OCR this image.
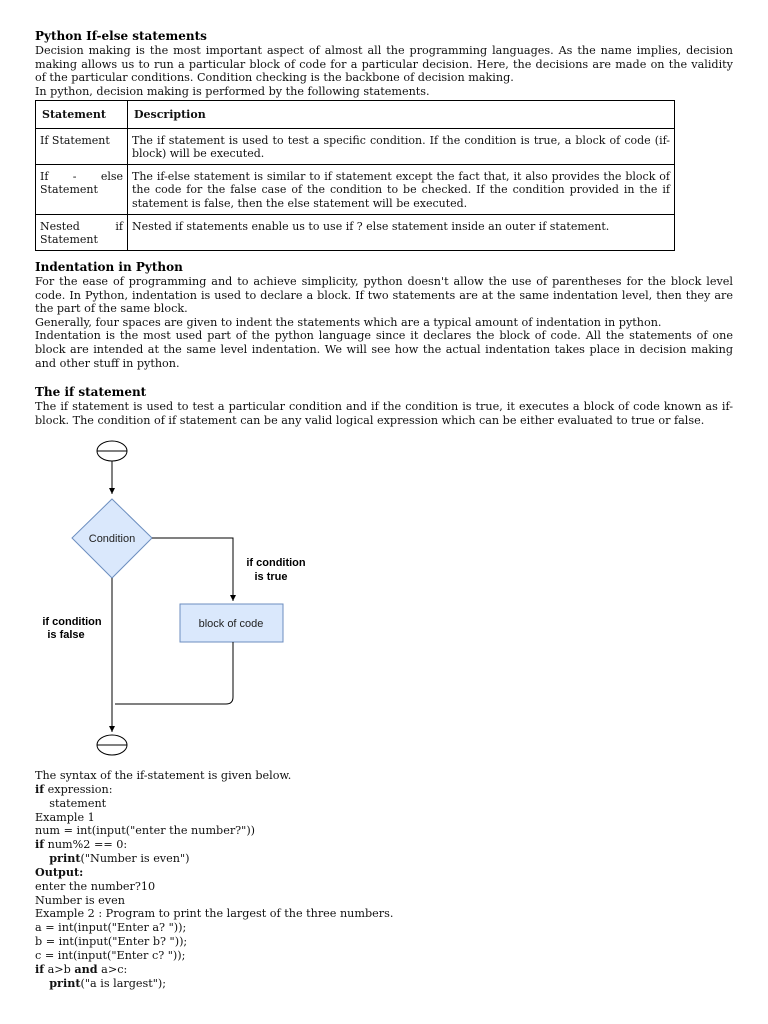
Python If-else statements

Decision making is the most important aspect of almost all the programming languages. As the name implies, decision making allows us to run a particular block of code for a particular decision. Here, the decisions are made on the validity of the particular conditions. Condition checking is the backbone of decision making.

In python, decision making is performed by the following statements.

Statement	Description
If Statement	The if statement is used to test a specific condition. If the condition is true, a block of code (if-block) will be executed.
If - else Statement	The if-else statement is similar to if statement except the fact that, it also provides the block of the code for the false case of the condition to be checked. If the condition provided in the if statement is false, then the else statement will be executed.
Nested if Statement	Nested if statements enable us to use if ? else statement inside an outer if statement.
Indentation in Python

For the ease of programming and to achieve simplicity, python doesn't allow the use of parentheses for the block level code. In Python, indentation is used to declare a block. If two statements are at the same indentation level, then they are the part of the same block.

Generally, four spaces are given to indent the statements which are a typical amount of indentation in python.

Indentation is the most used part of the python language since it declares the block of code. All the statements of one block are intended at the same level indentation. We will see how the actual indentation takes place in decision making and other stuff in python.

The if statement

The if statement is used to test a particular condition and if the condition is true, it executes a block of code known as if-block. The condition of if statement can be any valid logical expression which can be either evaluated to true or false.

Condition
if condition
is true
block of code
if condition
is false
The syntax of the if-statement is given below.
if expression:
statement
Example 1
num = int(input("enter the number?"))
if num%2 == 0:
print("Number is even")
Output:
enter the number?10
Number is even
Example 2 : Program to print the largest of the three numbers.
a = int(input("Enter a? "));
b = int(input("Enter b? "));
c = int(input("Enter c? "));
if a>b and a>c:
print("a is largest");
